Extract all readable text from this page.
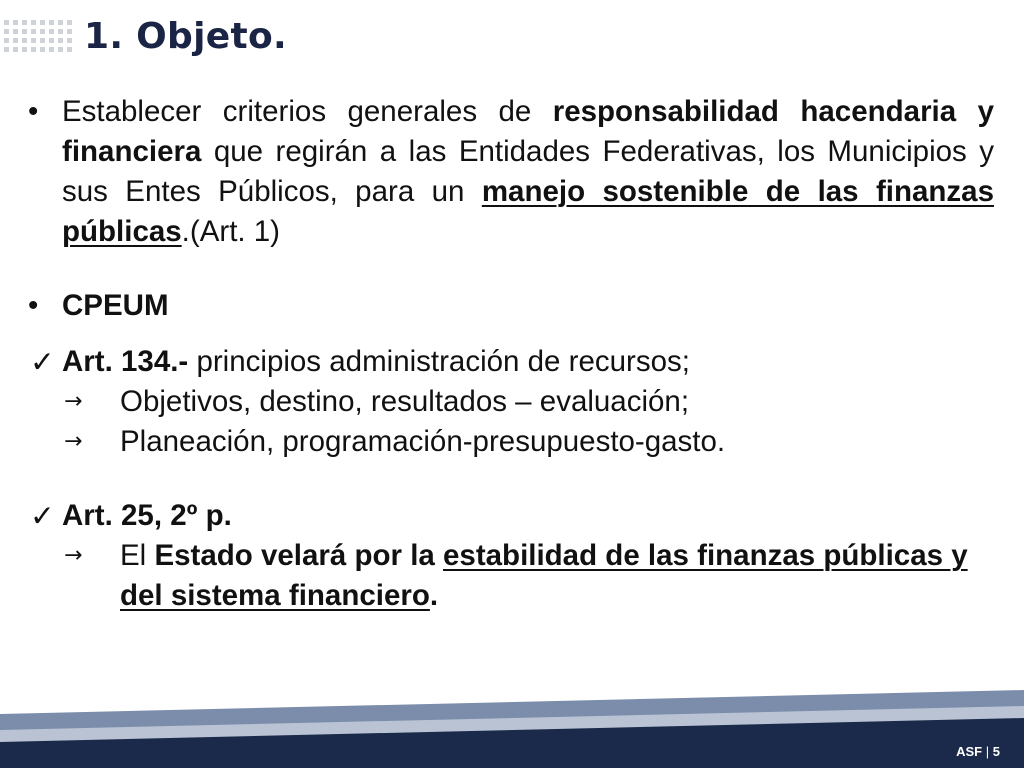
1. Objeto.
• Establecer criterios generales de responsabilidad hacendaria y financiera que regirán a las Entidades Federativas, los Municipios y sus Entes Públicos, para un manejo sostenible de las finanzas públicas.(Art. 1)
• CPEUM
✓ Art. 134.- principios administración de recursos;
→	Objetivos, destino, resultados – evaluación;
→	Planeación, programación-presupuesto-gasto.
✓ Art. 25, 2º p.
→	El Estado velará por la estabilidad de las finanzas públicas y del sistema financiero.
ASF | 5
